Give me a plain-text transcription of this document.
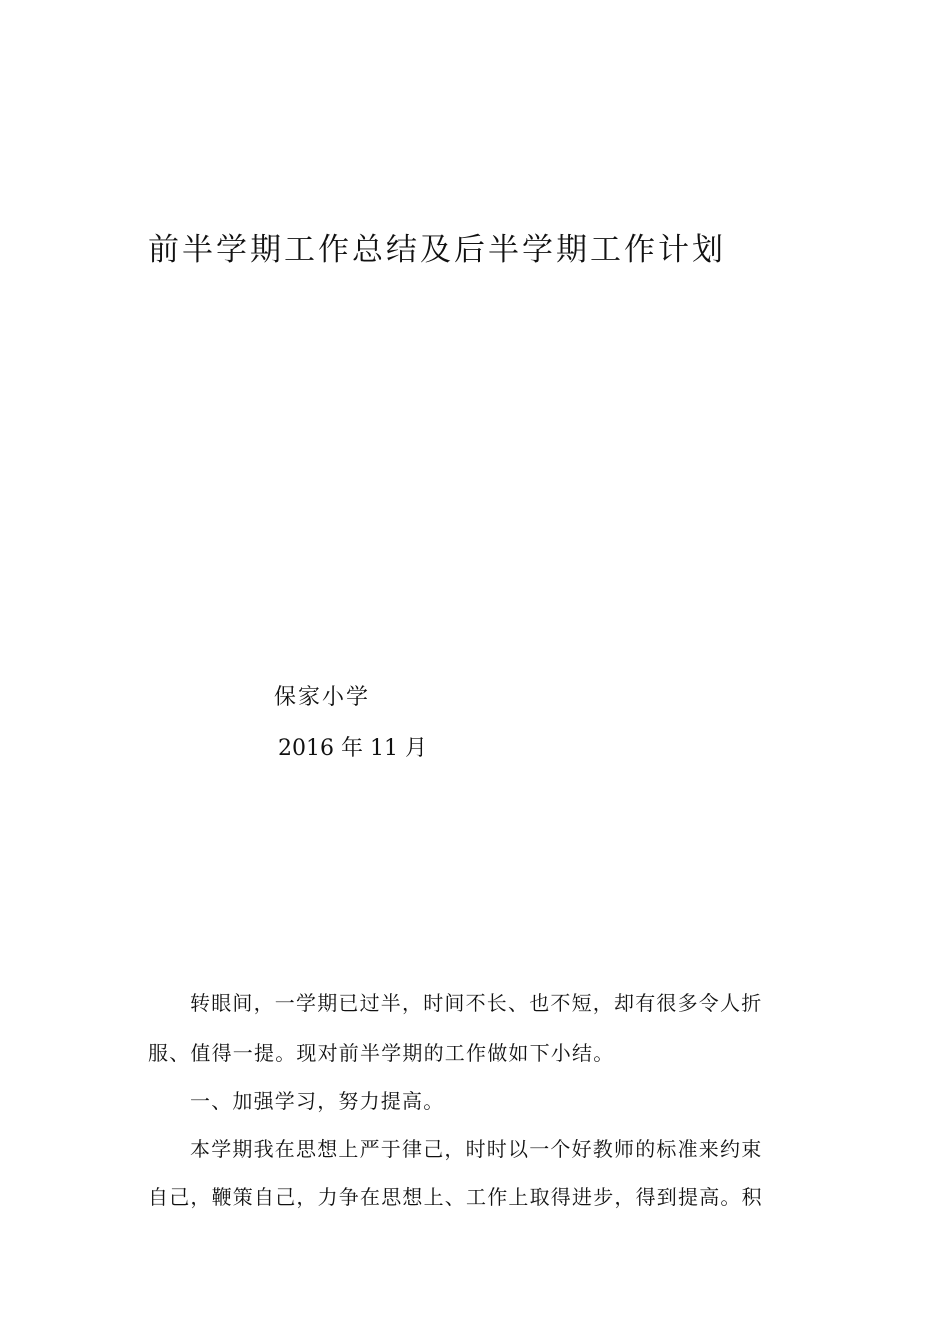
前半学期工作总结及后半学期工作计划
保家小学
2016 年 11 月
转眼间，一学期已过半，时间不长、也不短，却有很多令人折
服、值得一提。现对前半学期的工作做如下小结。
一、加强学习，努力提高。
本学期我在思想上严于律己，时时以一个好教师的标准来约束
自己，鞭策自己，力争在思想上、工作上取得进步，得到提高。积
